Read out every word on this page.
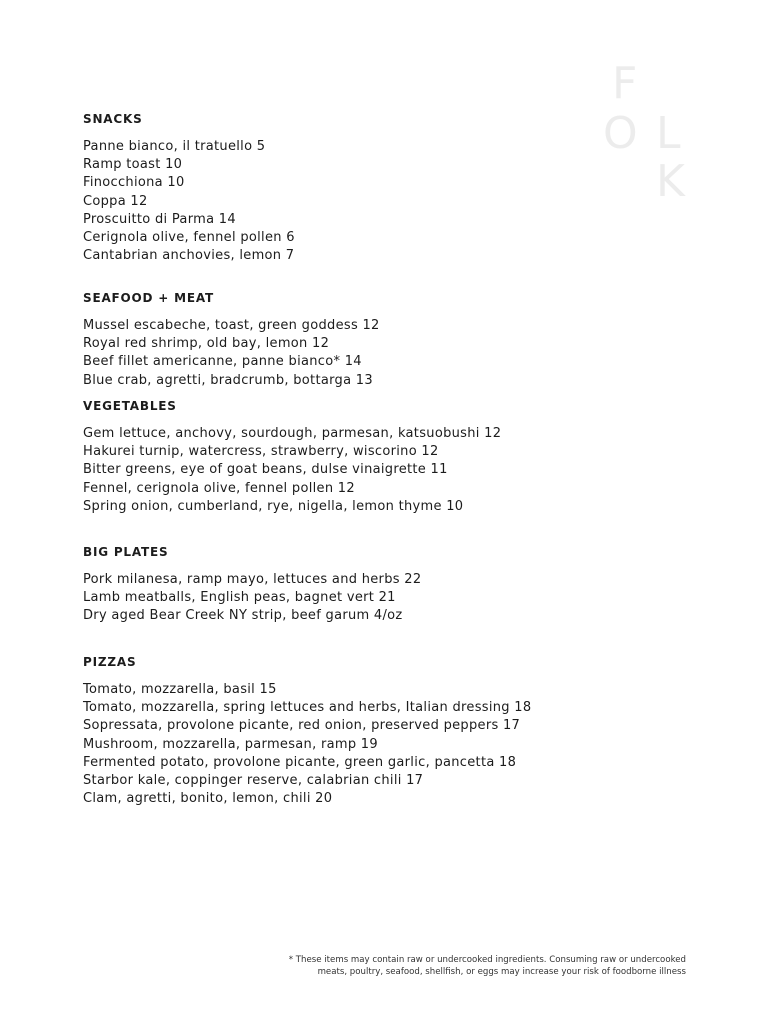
F
O L
K
SNACKS
Panne bianco, il tratuello 5
Ramp toast 10
Finocchiona 10
Coppa 12
Proscuitto di Parma 14
Cerignola olive, fennel pollen 6
Cantabrian anchovies, lemon 7
SEAFOOD + MEAT
Mussel escabeche, toast, green goddess 12
Royal red shrimp, old bay, lemon 12
Beef fillet americanne, panne bianco* 14
Blue crab, agretti, bradcrumb, bottarga 13
VEGETABLES
Gem lettuce, anchovy, sourdough, parmesan, katsuobushi 12
Hakurei turnip, watercress, strawberry, wiscorino 12
Bitter greens, eye of goat beans, dulse vinaigrette 11
Fennel, cerignola olive, fennel pollen 12
Spring onion, cumberland, rye, nigella, lemon thyme 10
BIG PLATES
Pork milanesa, ramp mayo, lettuces and herbs 22
Lamb meatballs, English peas, bagnet vert 21
Dry aged Bear Creek NY strip, beef garum 4/oz
PIZZAS
Tomato, mozzarella, basil 15
Tomato, mozzarella, spring lettuces and herbs, Italian dressing 18
Sopressata, provolone picante, red onion, preserved peppers 17
Mushroom, mozzarella, parmesan, ramp 19
Fermented potato, provolone picante, green garlic, pancetta 18
Starbor kale, coppinger reserve, calabrian chili 17
Clam, agretti, bonito, lemon, chili 20
* These items may contain raw or undercooked ingredients. Consuming raw or undercooked
meats, poultry, seafood, shellfish, or eggs may increase your risk of foodborne illness
